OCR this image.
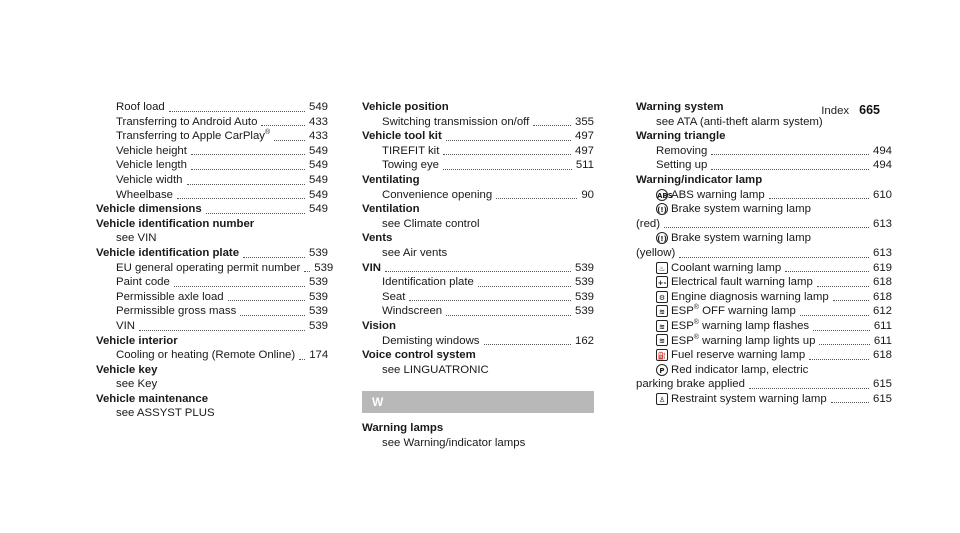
Index 665
Roof load	549
Transferring to Android Auto	433
Transferring to Apple CarPlay®	433
Vehicle height	549
Vehicle length	549
Vehicle width	549
Wheelbase	549
Vehicle dimensions	549
Vehicle identification number
see VIN
Vehicle identification plate	539
EU general operating permit number 539
Paint code	539
Permissible axle load	539
Permissible gross mass	539
VIN	539
Vehicle interior
Cooling or heating (Remote Online) 174
Vehicle key
see Key
Vehicle maintenance
see ASSYST PLUS
Vehicle position
Switching transmission on/off	355
Vehicle tool kit	497
TIREFIT kit	497
Towing eye	511
Ventilating
Convenience opening	90
Ventilation
see Climate control
Vents
see Air vents
VIN	539
Identification plate	539
Seat	539
Windscreen	539
Vision
Demisting windows	162
Voice control system
see LINGUATRONIC
W
Warning lamps
see Warning/indicator lamps
Warning system
see ATA (anti-theft alarm system)
Warning triangle
Removing	494
Setting up	494
Warning/indicator lamp
ABSABS warning lamp	610
(!) Brake system warning lamp
(red)	613
(!) Brake system warning lamp
(yellow)	613
♨ Coolant warning lamp	619
+- Electrical fault warning lamp	618
⚙ Engine diagnosis warning lamp	618
≋ ESP® OFF warning lamp	612
≋ ESP® warning lamp flashes	611
≋ ESP® warning lamp lights up	611
⛽ Fuel reserve warning lamp	618
P Red indicator lamp, electric
parking brake applied	615
♙ Restraint system warning lamp	615
